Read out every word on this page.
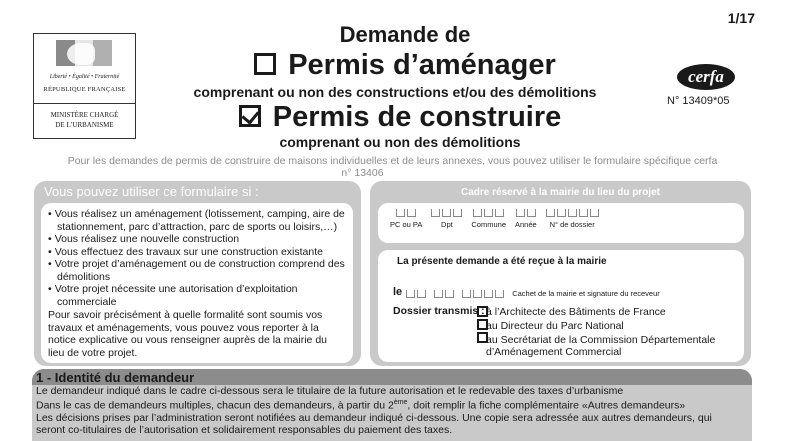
1/17
Liberté • Égalité • Fraternité
RÉPUBLIQUE FRANÇAISE
MINISTÈRE CHARGÉ
DE L’URBANISME
Demande de
Permis d’aménager
comprenant ou non des constructions et/ou des démolitions
Permis de construire
comprenant ou non des démolitions
cerfa
N° 13409*05
Pour les demandes de permis de construire de maisons individuelles et de leurs annexes, vous pouvez utiliser le formulaire spécifique cerfa
n° 13406
Vous pouvez utiliser ce formulaire si :
• Vous réalisez un aménagement (lotissement, camping, aire de stationnement, parc d’attraction, parc de sports ou loisirs,…)
• Vous réalisez une nouvelle construction
• Vous effectuez des travaux sur une construction existante
• Votre projet d’aménagement ou de construction comprend des démolitions
• Votre projet nécessite une autorisation d’exploitation commerciale

Pour savoir précisément à quelle formalité sont soumis vos travaux et aménagements, vous pouvez vous reporter à la notice explicative ou vous renseigner auprès de la mairie du lieu de votre projet.

Cadre réservé à la mairie du lieu du projet
PC ou PA Dpt Commune Année N° de dossier
La présente demande a été reçue à la mairie
le	Cachet de la mairie et signature du receveur
Dossier transmis : à l’Architecte des Bâtiments de France
au Directeur du Parc National
au Secrétariat de la Commission Départementale
d’Aménagement Commercial
1 - Identité du demandeur
Le demandeur indiqué dans le cadre ci-dessous sera le titulaire de la future autorisation et le redevable des taxes d’urbanisme
Dans le cas de demandeurs multiples, chacun des demandeurs, à partir du 2ème, doit remplir la fiche complémentaire «Autres demandeurs»
Les décisions prises par l’administration seront notifiées au demandeur indiqué ci-dessous. Une copie sera adressée aux autres demandeurs, qui
seront co-titulaires de l’autorisation et solidairement responsables du paiement des taxes.
